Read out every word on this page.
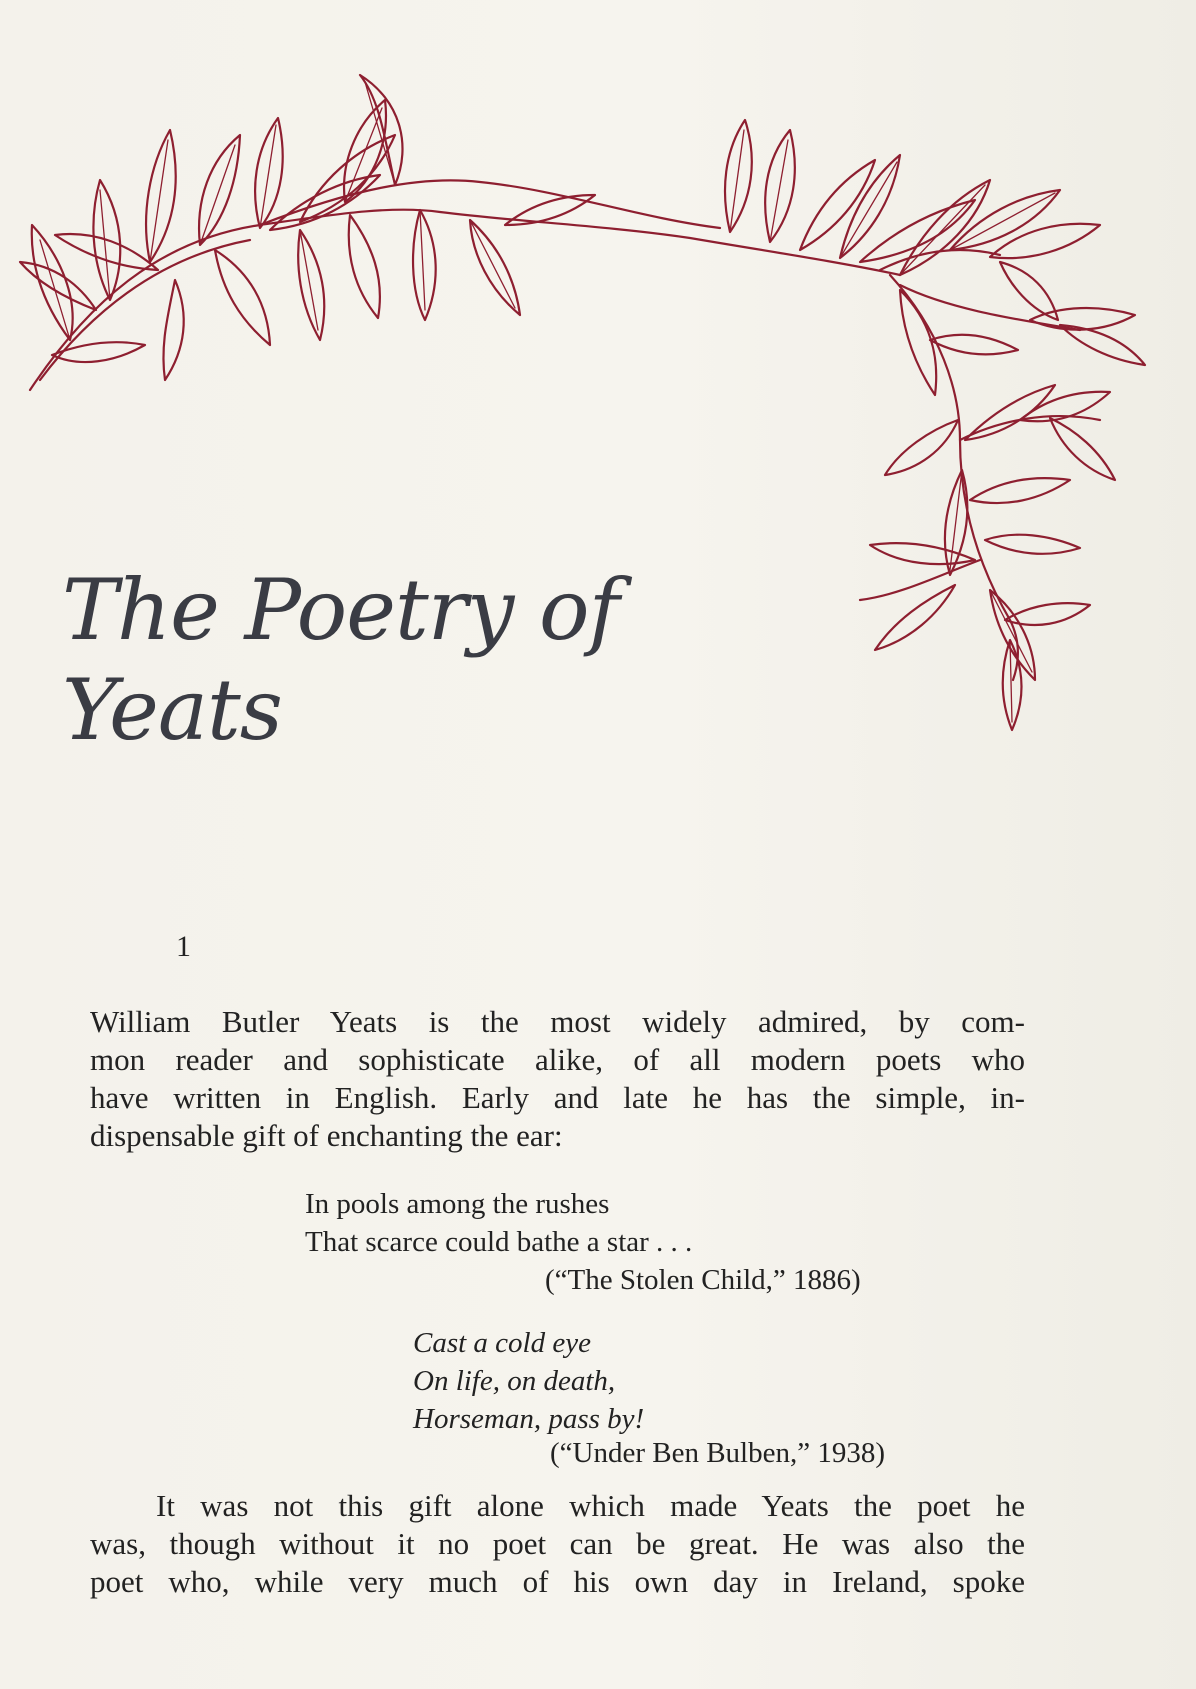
The Poetry of
Yeats
1
William Butler Yeats is the most widely admired, by com-
mon reader and sophisticate alike, of all modern poets who
have written in English. Early and late he has the simple, in-
dispensable gift of enchanting the ear:
In pools among the rushes
That scarce could bathe a star . . .
(“The Stolen Child,” 1886)
Cast a cold eye
On life, on death,
Horseman, pass by!
(“Under Ben Bulben,” 1938)
It was not this gift alone which made Yeats the poet he
was, though without it no poet can be great. He was also the
poet who, while very much of his own day in Ireland, spoke
